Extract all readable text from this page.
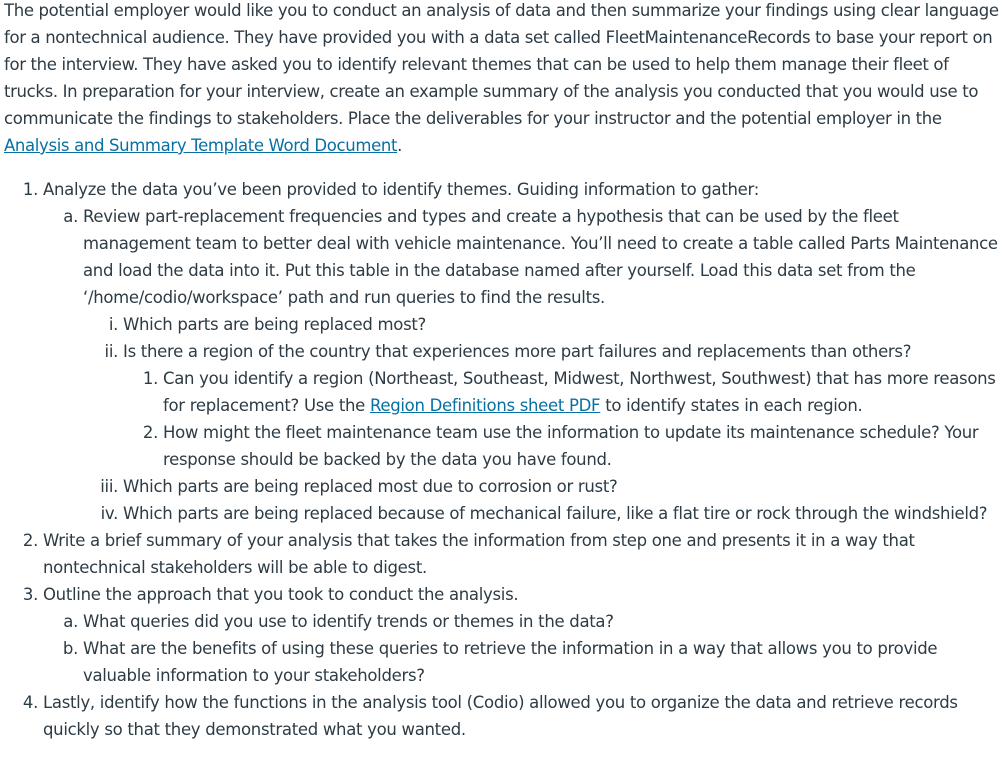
The potential employer would like you to conduct an analysis of data and then summarize your findings using clear language for a nontechnical audience. They have provided you with a data set called FleetMaintenanceRecords to base your report on for the interview. They have asked you to identify relevant themes that can be used to help them manage their fleet of trucks. In preparation for your interview, create an example summary of the analysis you conducted that you would use to communicate the findings to stakeholders. Place the deliverables for your instructor and the potential employer in the Analysis and Summary Template Word Document.

1. Analyze the data you’ve been provided to identify themes. Guiding information to gather:
a. Review part-replacement frequencies and types and create a hypothesis that can be used by the fleet management team to better deal with vehicle maintenance. You’ll need to create a table called Parts Maintenance and load the data into it. Put this table in the database named after yourself. Load this data set from the ‘/home/codio/workspace’ path and run queries to find the results.
i. Which parts are being replaced most?
ii. Is there a region of the country that experiences more part failures and replacements than others?
1. Can you identify a region (Northeast, Southeast, Midwest, Northwest, Southwest) that has more reasons for replacement? Use the Region Definitions sheet PDF to identify states in each region.
2. How might the fleet maintenance team use the information to update its maintenance schedule? Your response should be backed by the data you have found.
iii. Which parts are being replaced most due to corrosion or rust?
iv. Which parts are being replaced because of mechanical failure, like a flat tire or rock through the windshield?
2. Write a brief summary of your analysis that takes the information from step one and presents it in a way that nontechnical stakeholders will be able to digest.
3. Outline the approach that you took to conduct the analysis.
a. What queries did you use to identify trends or themes in the data?
b. What are the benefits of using these queries to retrieve the information in a way that allows you to provide valuable information to your stakeholders?
4. Lastly, identify how the functions in the analysis tool (Codio) allowed you to organize the data and retrieve records quickly so that they demonstrated what you wanted.
